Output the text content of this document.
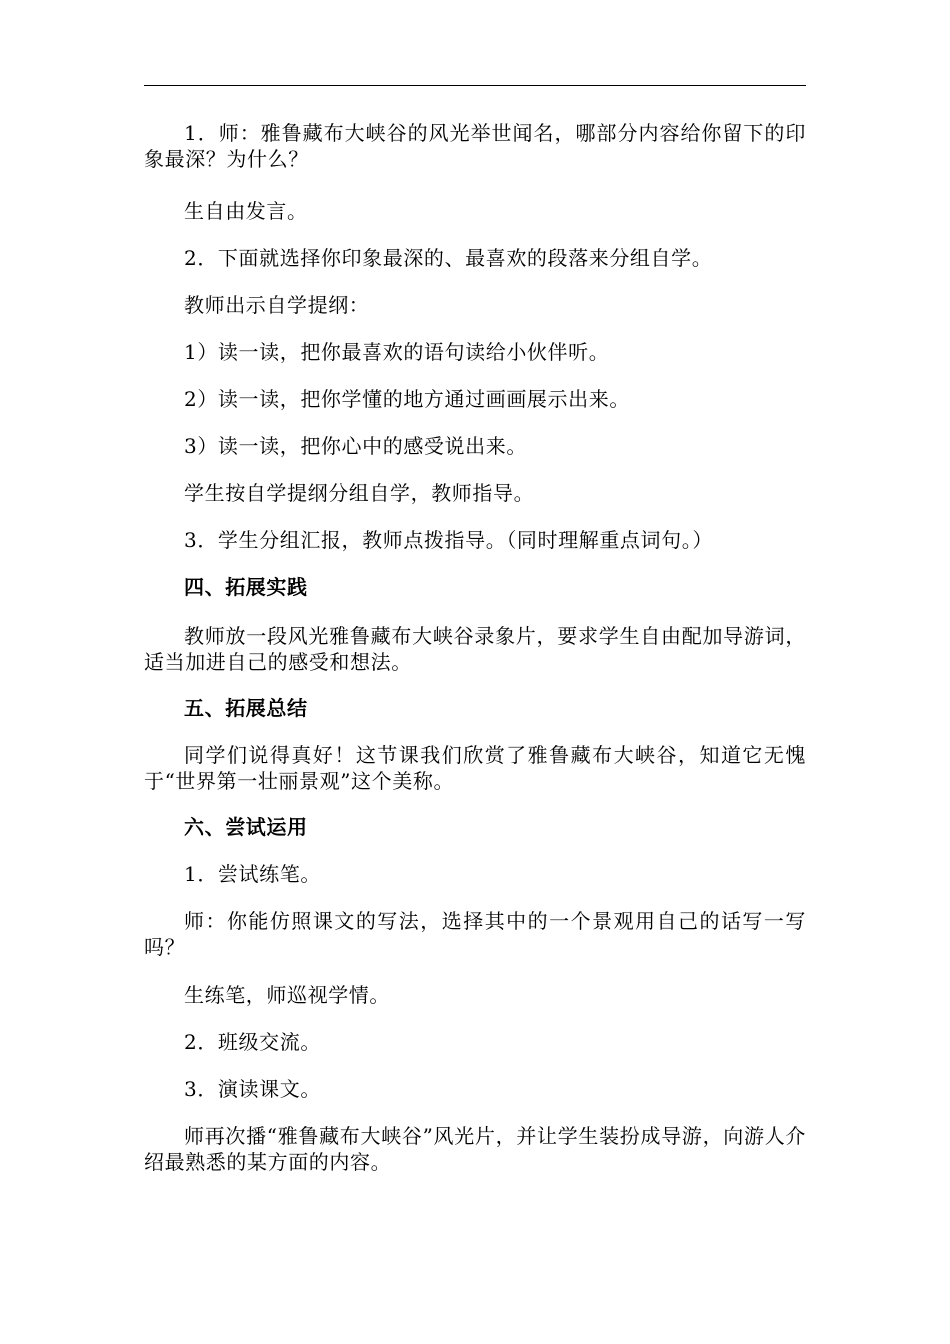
1．师：雅鲁藏布大峡谷的风光举世闻名，哪部分内容给你留下的印象最深？为什么？

生自由发言。

2．下面就选择你印象最深的、最喜欢的段落来分组自学。

教师出示自学提纲：

1）读一读，把你最喜欢的语句读给小伙伴听。

2）读一读，把你学懂的地方通过画画展示出来。

3）读一读，把你心中的感受说出来。

学生按自学提纲分组自学，教师指导。

3．学生分组汇报，教师点拨指导。（同时理解重点词句。）

四、拓展实践

教师放一段风光雅鲁藏布大峡谷录象片，要求学生自由配加导游词，适当加进自己的感受和想法。

五、拓展总结

同学们说得真好！这节课我们欣赏了雅鲁藏布大峡谷，知道它无愧于“世界第一壮丽景观”这个美称。

六、尝试运用

1．尝试练笔。

师：你能仿照课文的写法，选择其中的一个景观用自己的话写一写吗？

生练笔，师巡视学情。

2．班级交流。

3．演读课文。

师再次播“雅鲁藏布大峡谷”风光片，并让学生装扮成导游，向游人介绍最熟悉的某方面的内容。
